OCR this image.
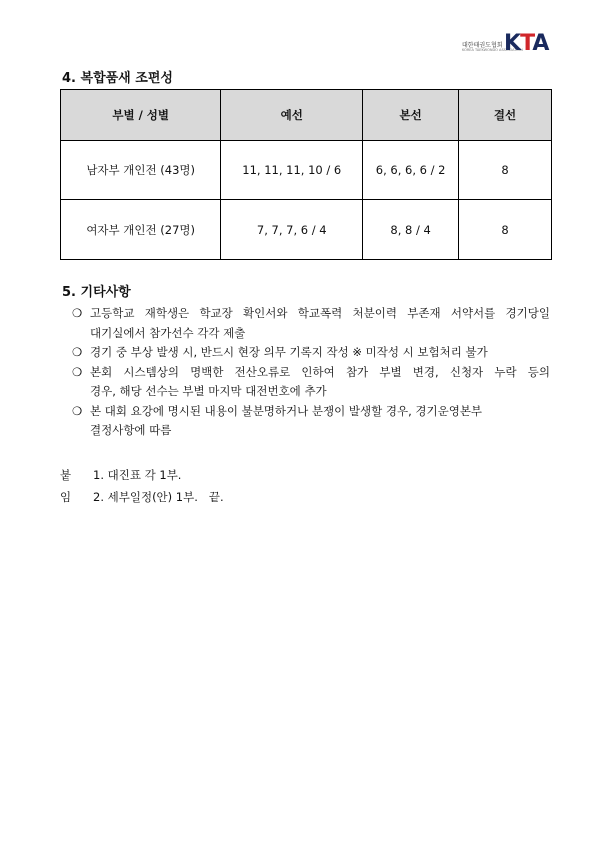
대한태권도협회
KOREA TAEKWONDO ASSOCIATION
KTA
4. 복합품새 조편성
부별 / 성별	예선	본선	결선
남자부 개인전 (43명)	11, 11, 11, 10 / 6	6, 6, 6, 6 / 2	8
여자부 개인전 (27명)	7, 7, 7, 6 / 4	8, 8 / 4	8
5. 기타사항
❍ 고등학교 재학생은 학교장 확인서와 학교폭력 처분이력 부존재 서약서를 경기당일
대기실에서 참가선수 각각 제출
❍ 경기 중 부상 발생 시, 반드시 현장 의무 기록지 작성 ※ 미작성 시 보험처리 불가
❍ 본회 시스템상의 명백한 전산오류로 인하여 참가 부별 변경, 신청자 누락 등의
경우, 해당 선수는 부별 마지막 대전번호에 추가
❍ 본 대회 요강에 명시된 내용이 불분명하거나 분쟁이 발생할 경우, 경기운영본부
결정사항에 따름
붙임
1. 대진표 각 1부.
2. 세부일정(안) 1부.   끝.
